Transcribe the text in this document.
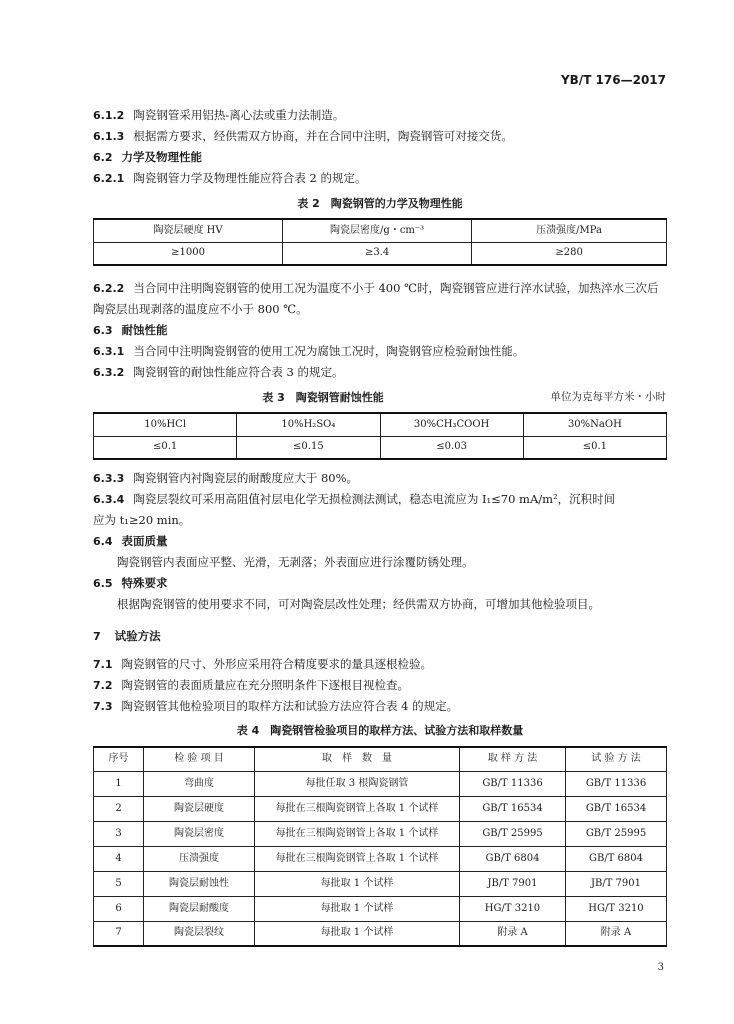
YB/T 176—2017
6.1.2 陶瓷钢管采用铝热-离心法或重力法制造。
6.1.3 根据需方要求，经供需双方协商，并在合同中注明，陶瓷钢管可对接交货。
6.2 力学及物理性能
6.2.1 陶瓷钢管力学及物理性能应符合表 2 的规定。
表 2　陶瓷钢管的力学及物理性能
陶瓷层硬度 HV	陶瓷层密度/g・cm⁻³	压溃强度/MPa
≥1000	≥3.4	≥280
6.2.2 当合同中注明陶瓷钢管的使用工况为温度不小于 400 ℃时，陶瓷钢管应进行淬水试验，加热淬水三次后
陶瓷层出现剥落的温度应不小于 800 ℃。
6.3 耐蚀性能
6.3.1 当合同中注明陶瓷钢管的使用工况为腐蚀工况时，陶瓷钢管应检验耐蚀性能。
6.3.2 陶瓷钢管的耐蚀性能应符合表 3 的规定。
表 3　陶瓷钢管耐蚀性能	单位为克每平方米・小时
10%HCl	10%H₂SO₄	30%CH₃COOH	30%NaOH
≤0.1	≤0.15	≤0.03	≤0.1
6.3.3 陶瓷钢管内衬陶瓷层的耐酸度应大于 80%。
6.3.4 陶瓷层裂纹可采用高阻值衬层电化学无损检测法测试，稳态电流应为 I₁≤70 mA/m²，沉积时间
应为 t₁≥20 min。
6.4 表面质量
陶瓷钢管内表面应平整、光滑，无剥落；外表面应进行涂覆防锈处理。
6.5 特殊要求
根据陶瓷钢管的使用要求不同，可对陶瓷层改性处理；经供需双方协商，可增加其他检验项目。
7 试验方法
7.1 陶瓷钢管的尺寸、外形应采用符合精度要求的量具逐根检验。
7.2 陶瓷钢管的表面质量应在充分照明条件下逐根目视检查。
7.3 陶瓷钢管其他检验项目的取样方法和试验方法应符合表 4 的规定。
表 4　陶瓷钢管检验项目的取样方法、试验方法和取样数量
序号	检 验 项 目	取　样　数　量	取 样 方 法	试 验 方 法
1	弯曲度	每批任取 3 根陶瓷钢管	GB/T 11336	GB/T 11336
2	陶瓷层硬度	每批在三根陶瓷钢管上各取 1 个试样	GB/T 16534	GB/T 16534
3	陶瓷层密度	每批在三根陶瓷钢管上各取 1 个试样	GB/T 25995	GB/T 25995
4	压溃强度	每批在三根陶瓷钢管上各取 1 个试样	GB/T 6804	GB/T 6804
5	陶瓷层耐蚀性	每批取 1 个试样	JB/T 7901	JB/T 7901
6	陶瓷层耐酸度	每批取 1 个试样	HG/T 3210	HG/T 3210
7	陶瓷层裂纹	每批取 1 个试样	附录 A	附录 A
3
